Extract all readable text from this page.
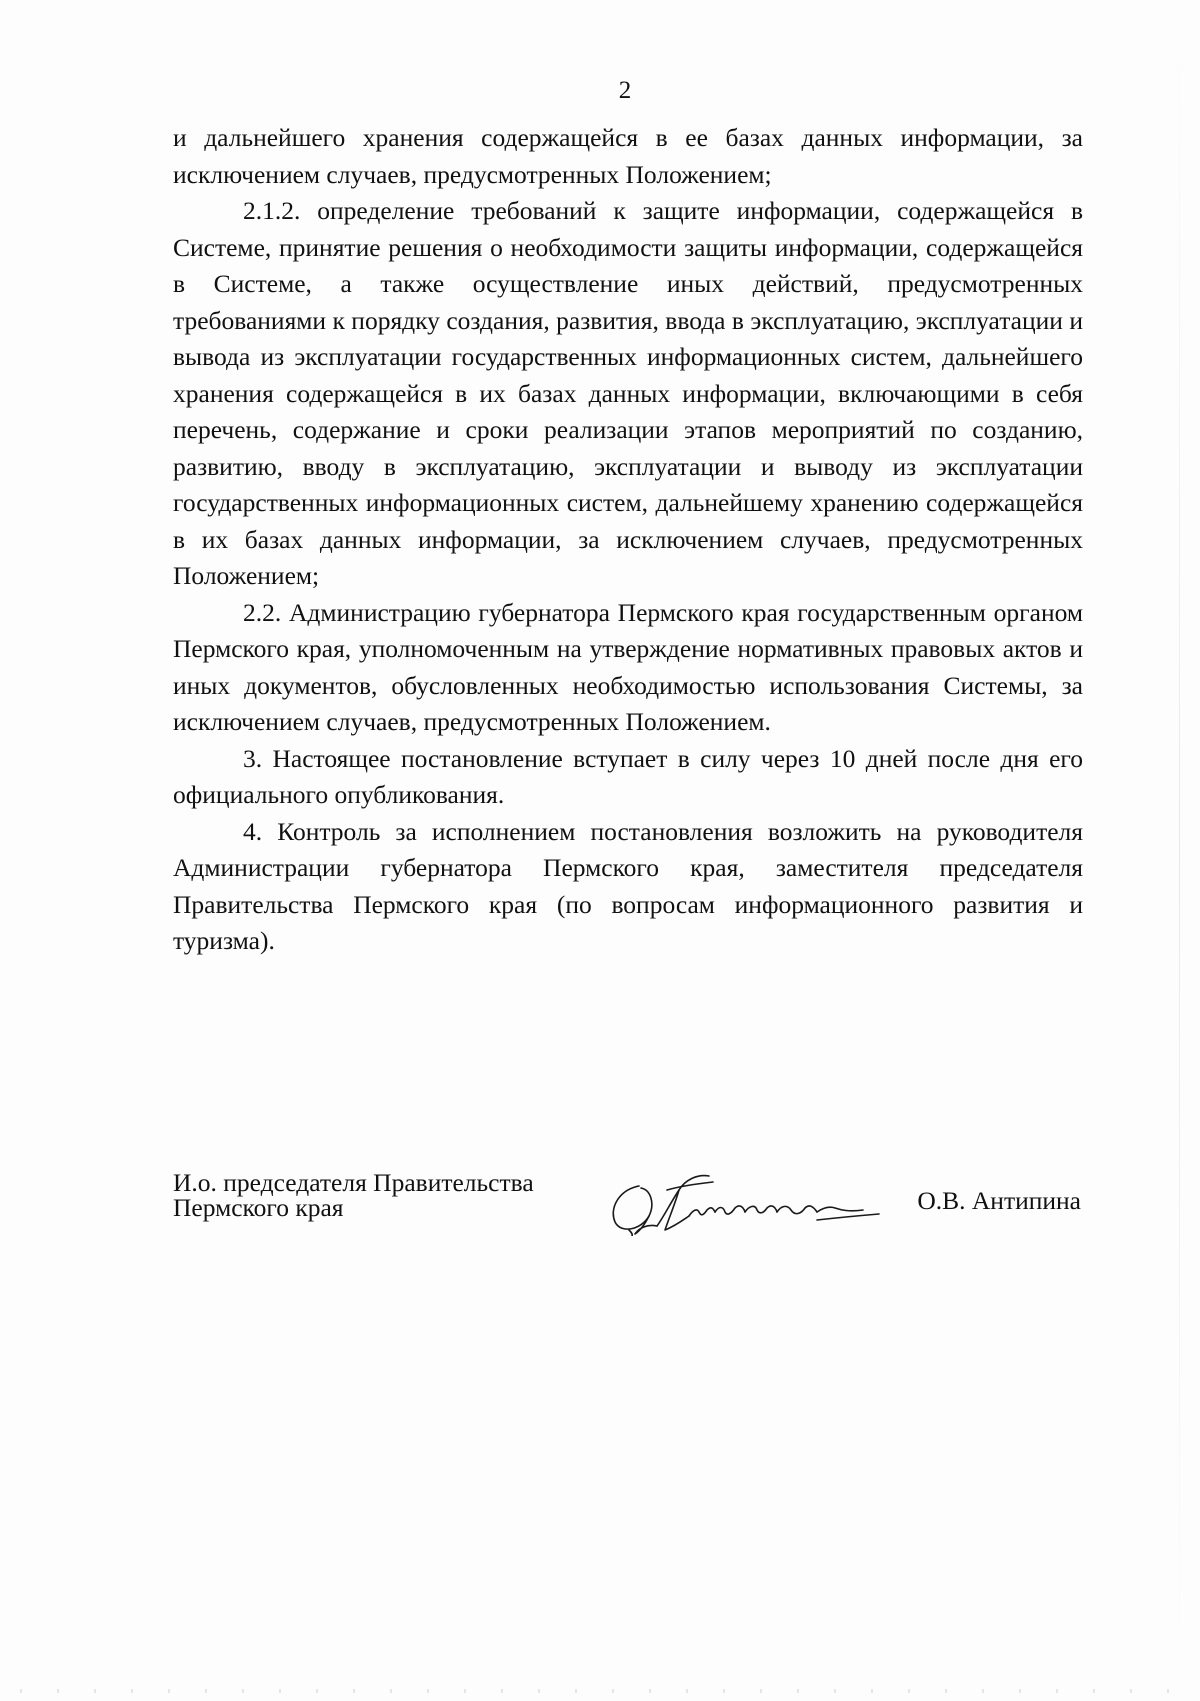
2

и дальнейшего хранения содержащейся в ее базах данных информации, за исключением случаев, предусмотренных Положением;

2.1.2. определение требований к защите информации, содержащейся в Системе, принятие решения о необходимости защиты информации, содержащейся в Системе, а также осуществление иных действий, предусмотренных требованиями к порядку создания, развития, ввода в эксплуатацию, эксплуатации и вывода из эксплуатации государственных информационных систем, дальнейшего хранения содержащейся в их базах данных информации, включающими в себя перечень, содержание и сроки реализации этапов мероприятий по созданию, развитию, вводу в эксплуатацию, эксплуатации и выводу из эксплуатации государственных информационных систем, дальнейшему хранению содержащейся в их базах данных информации, за исключением случаев, предусмотренных Положением;

2.2. Администрацию губернатора Пермского края государственным органом Пермского края, уполномоченным на утверждение нормативных правовых актов и иных документов, обусловленных необходимостью использования Системы, за исключением случаев, предусмотренных Положением.

3. Настоящее постановление вступает в силу через 10 дней после дня его официального опубликования.

4. Контроль за исполнением постановления возложить на руководителя Администрации губернатора Пермского края, заместителя председателя Правительства Пермского края (по вопросам информационного развития и туризма).

И.о. председателя Правительства
Пермского края	О.В. Антипина
